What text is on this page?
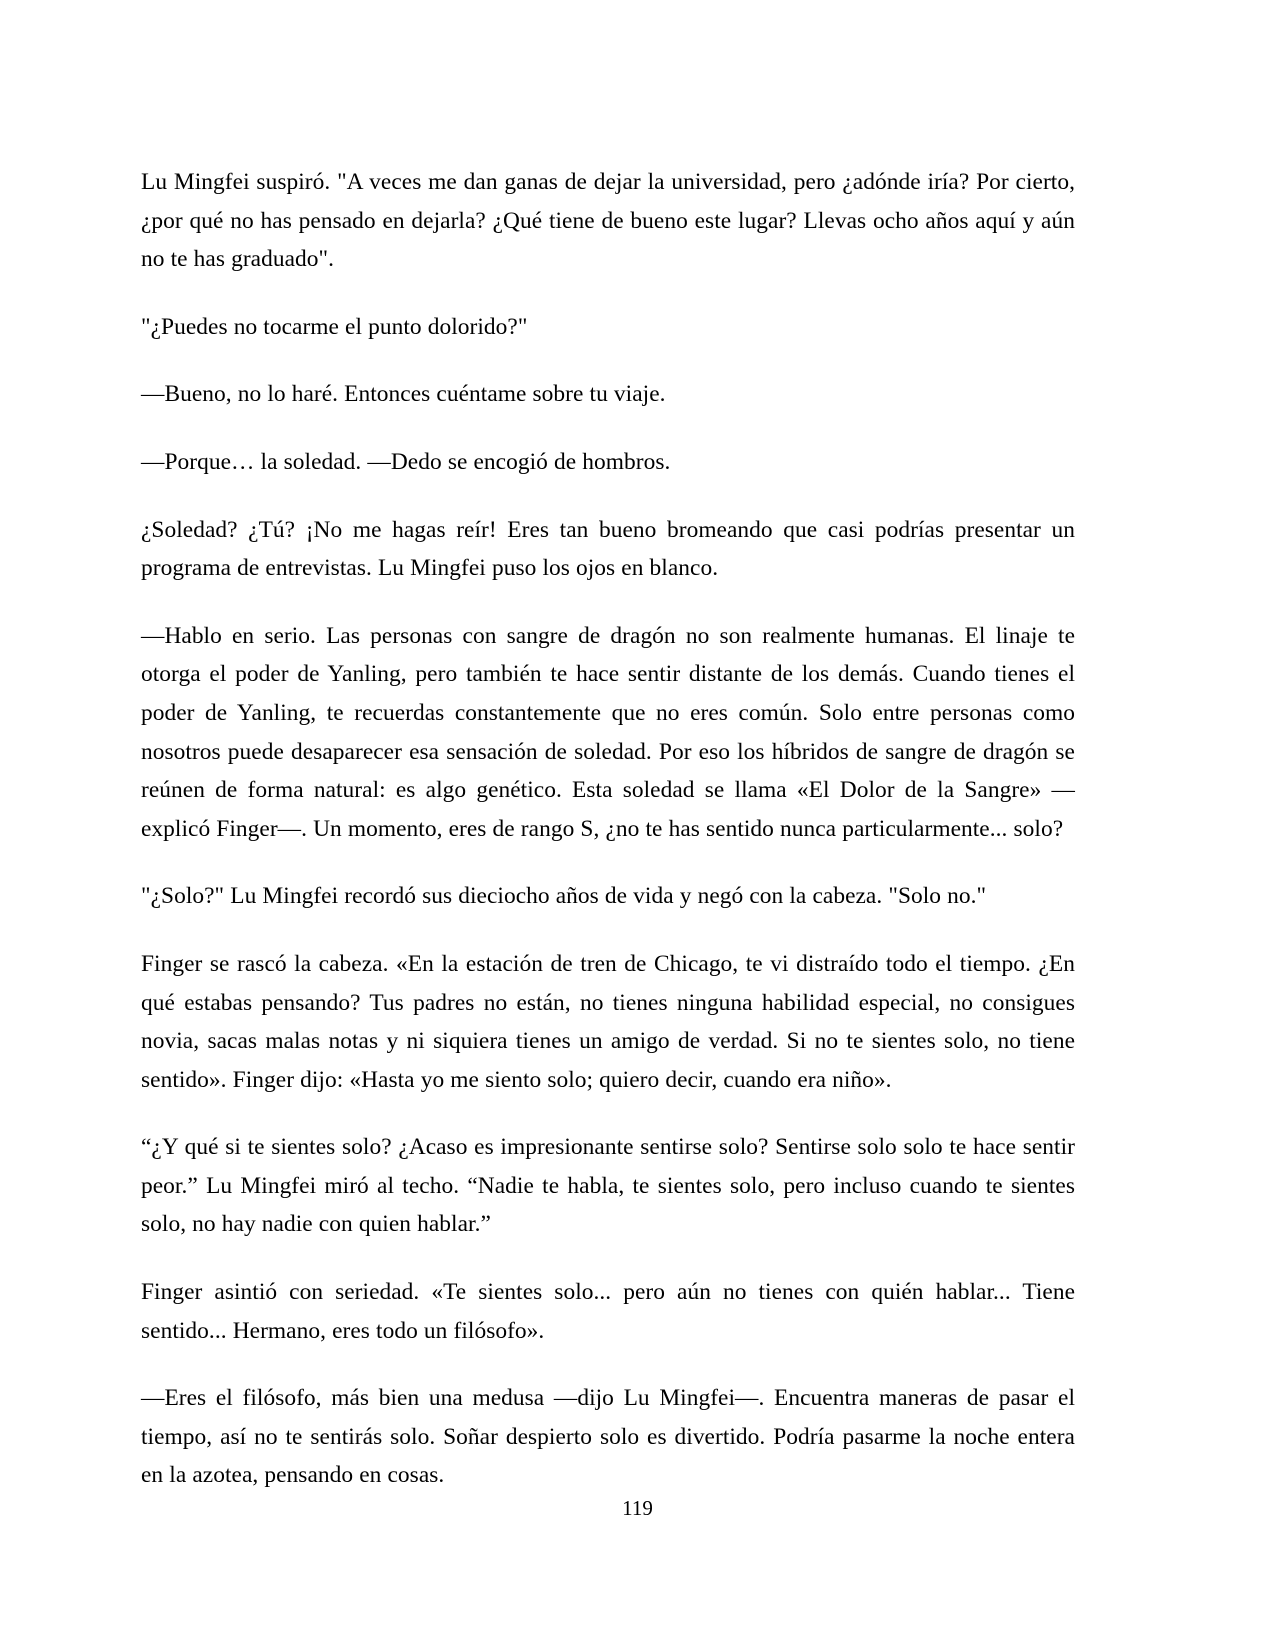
Lu Mingfei suspiró. "A veces me dan ganas de dejar la universidad, pero ¿adónde iría? Por cierto, ¿por qué no has pensado en dejarla? ¿Qué tiene de bueno este lugar? Llevas ocho años aquí y aún no te has graduado".

"¿Puedes no tocarme el punto dolorido?"

—Bueno, no lo haré. Entonces cuéntame sobre tu viaje.

—Porque… la soledad. —Dedo se encogió de hombros.

¿Soledad? ¿Tú? ¡No me hagas reír! Eres tan bueno bromeando que casi podrías presentar un programa de entrevistas. Lu Mingfei puso los ojos en blanco.

—Hablo en serio. Las personas con sangre de dragón no son realmente humanas. El linaje te otorga el poder de Yanling, pero también te hace sentir distante de los demás. Cuando tienes el poder de Yanling, te recuerdas constantemente que no eres común. Solo entre personas como nosotros puede desaparecer esa sensación de soledad. Por eso los híbridos de sangre de dragón se reúnen de forma natural: es algo genético. Esta soledad se llama «El Dolor de la Sangre» —explicó Finger—. Un momento, eres de rango S, ¿no te has sentido nunca particularmente... solo?

"¿Solo?" Lu Mingfei recordó sus dieciocho años de vida y negó con la cabeza. "Solo no."

Finger se rascó la cabeza. «En la estación de tren de Chicago, te vi distraído todo el tiempo. ¿En qué estabas pensando? Tus padres no están, no tienes ninguna habilidad especial, no consigues novia, sacas malas notas y ni siquiera tienes un amigo de verdad. Si no te sientes solo, no tiene sentido». Finger dijo: «Hasta yo me siento solo; quiero decir, cuando era niño».

“¿Y qué si te sientes solo? ¿Acaso es impresionante sentirse solo? Sentirse solo solo te hace sentir peor.” Lu Mingfei miró al techo. “Nadie te habla, te sientes solo, pero incluso cuando te sientes solo, no hay nadie con quien hablar.”

Finger asintió con seriedad. «Te sientes solo... pero aún no tienes con quién hablar... Tiene sentido... Hermano, eres todo un filósofo».

—Eres el filósofo, más bien una medusa —dijo Lu Mingfei—. Encuentra maneras de pasar el tiempo, así no te sentirás solo. Soñar despierto solo es divertido. Podría pasarme la noche entera en la azotea, pensando en cosas.

119
